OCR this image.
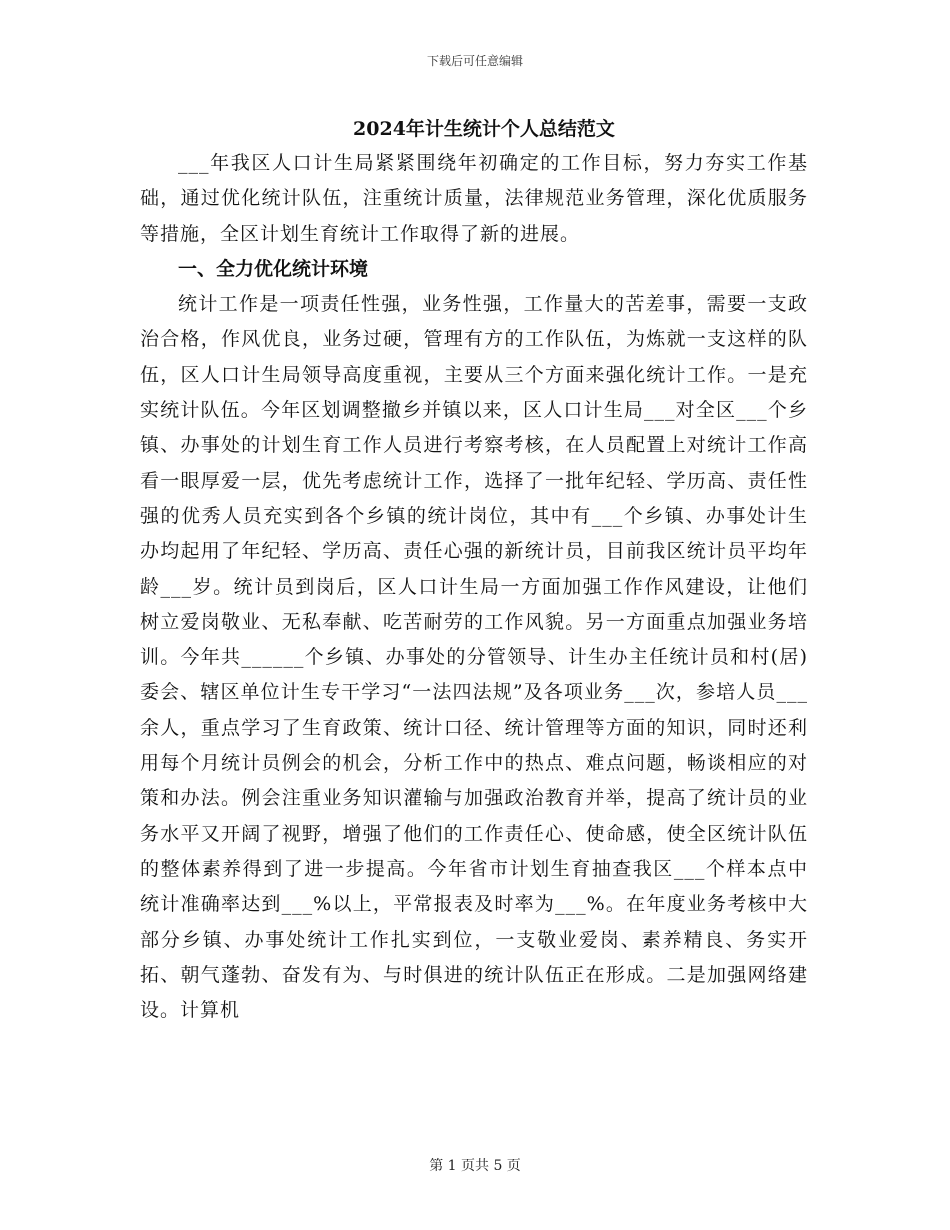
下载后可任意编辑
2024年计生统计个人总结范文

___年我区人口计生局紧紧围绕年初确定的工作目标，努力夯实工作基础，通过优化统计队伍，注重统计质量，法律规范业务管理，深化优质服务等措施，全区计划生育统计工作取得了新的进展。

一、全力优化统计环境

统计工作是一项责任性强，业务性强，工作量大的苦差事，需要一支政治合格，作风优良，业务过硬，管理有方的工作队伍，为炼就一支这样的队伍，区人口计生局领导高度重视，主要从三个方面来强化统计工作。一是充实统计队伍。今年区划调整撤乡并镇以来，区人口计生局___对全区___个乡镇、办事处的计划生育工作人员进行考察考核，在人员配置上对统计工作高看一眼厚爱一层，优先考虑统计工作，选择了一批年纪轻、学历高、责任性强的优秀人员充实到各个乡镇的统计岗位，其中有___个乡镇、办事处计生办均起用了年纪轻、学历高、责任心强的新统计员，目前我区统计员平均年龄___岁。统计员到岗后，区人口计生局一方面加强工作作风建设，让他们树立爱岗敬业、无私奉献、吃苦耐劳的工作风貌。另一方面重点加强业务培训。今年共______个乡镇、办事处的分管领导、计生办主任统计员和村(居)委会、辖区单位计生专干学习“一法四法规”及各项业务___次，参培人员___余人，重点学习了生育政策、统计口径、统计管理等方面的知识，同时还利用每个月统计员例会的机会，分析工作中的热点、难点问题，畅谈相应的对策和办法。例会注重业务知识灌输与加强政治教育并举，提高了统计员的业务水平又开阔了视野，增强了他们的工作责任心、使命感，使全区统计队伍的整体素养得到了进一步提高。今年省市计划生育抽查我区___个样本点中统计准确率达到___%以上，平常报表及时率为___%。在年度业务考核中大部分乡镇、办事处统计工作扎实到位，一支敬业爱岗、素养精良、务实开拓、朝气蓬勃、奋发有为、与时俱进的统计队伍正在形成。二是加强网络建设。计算机

第 1 页共 5 页
